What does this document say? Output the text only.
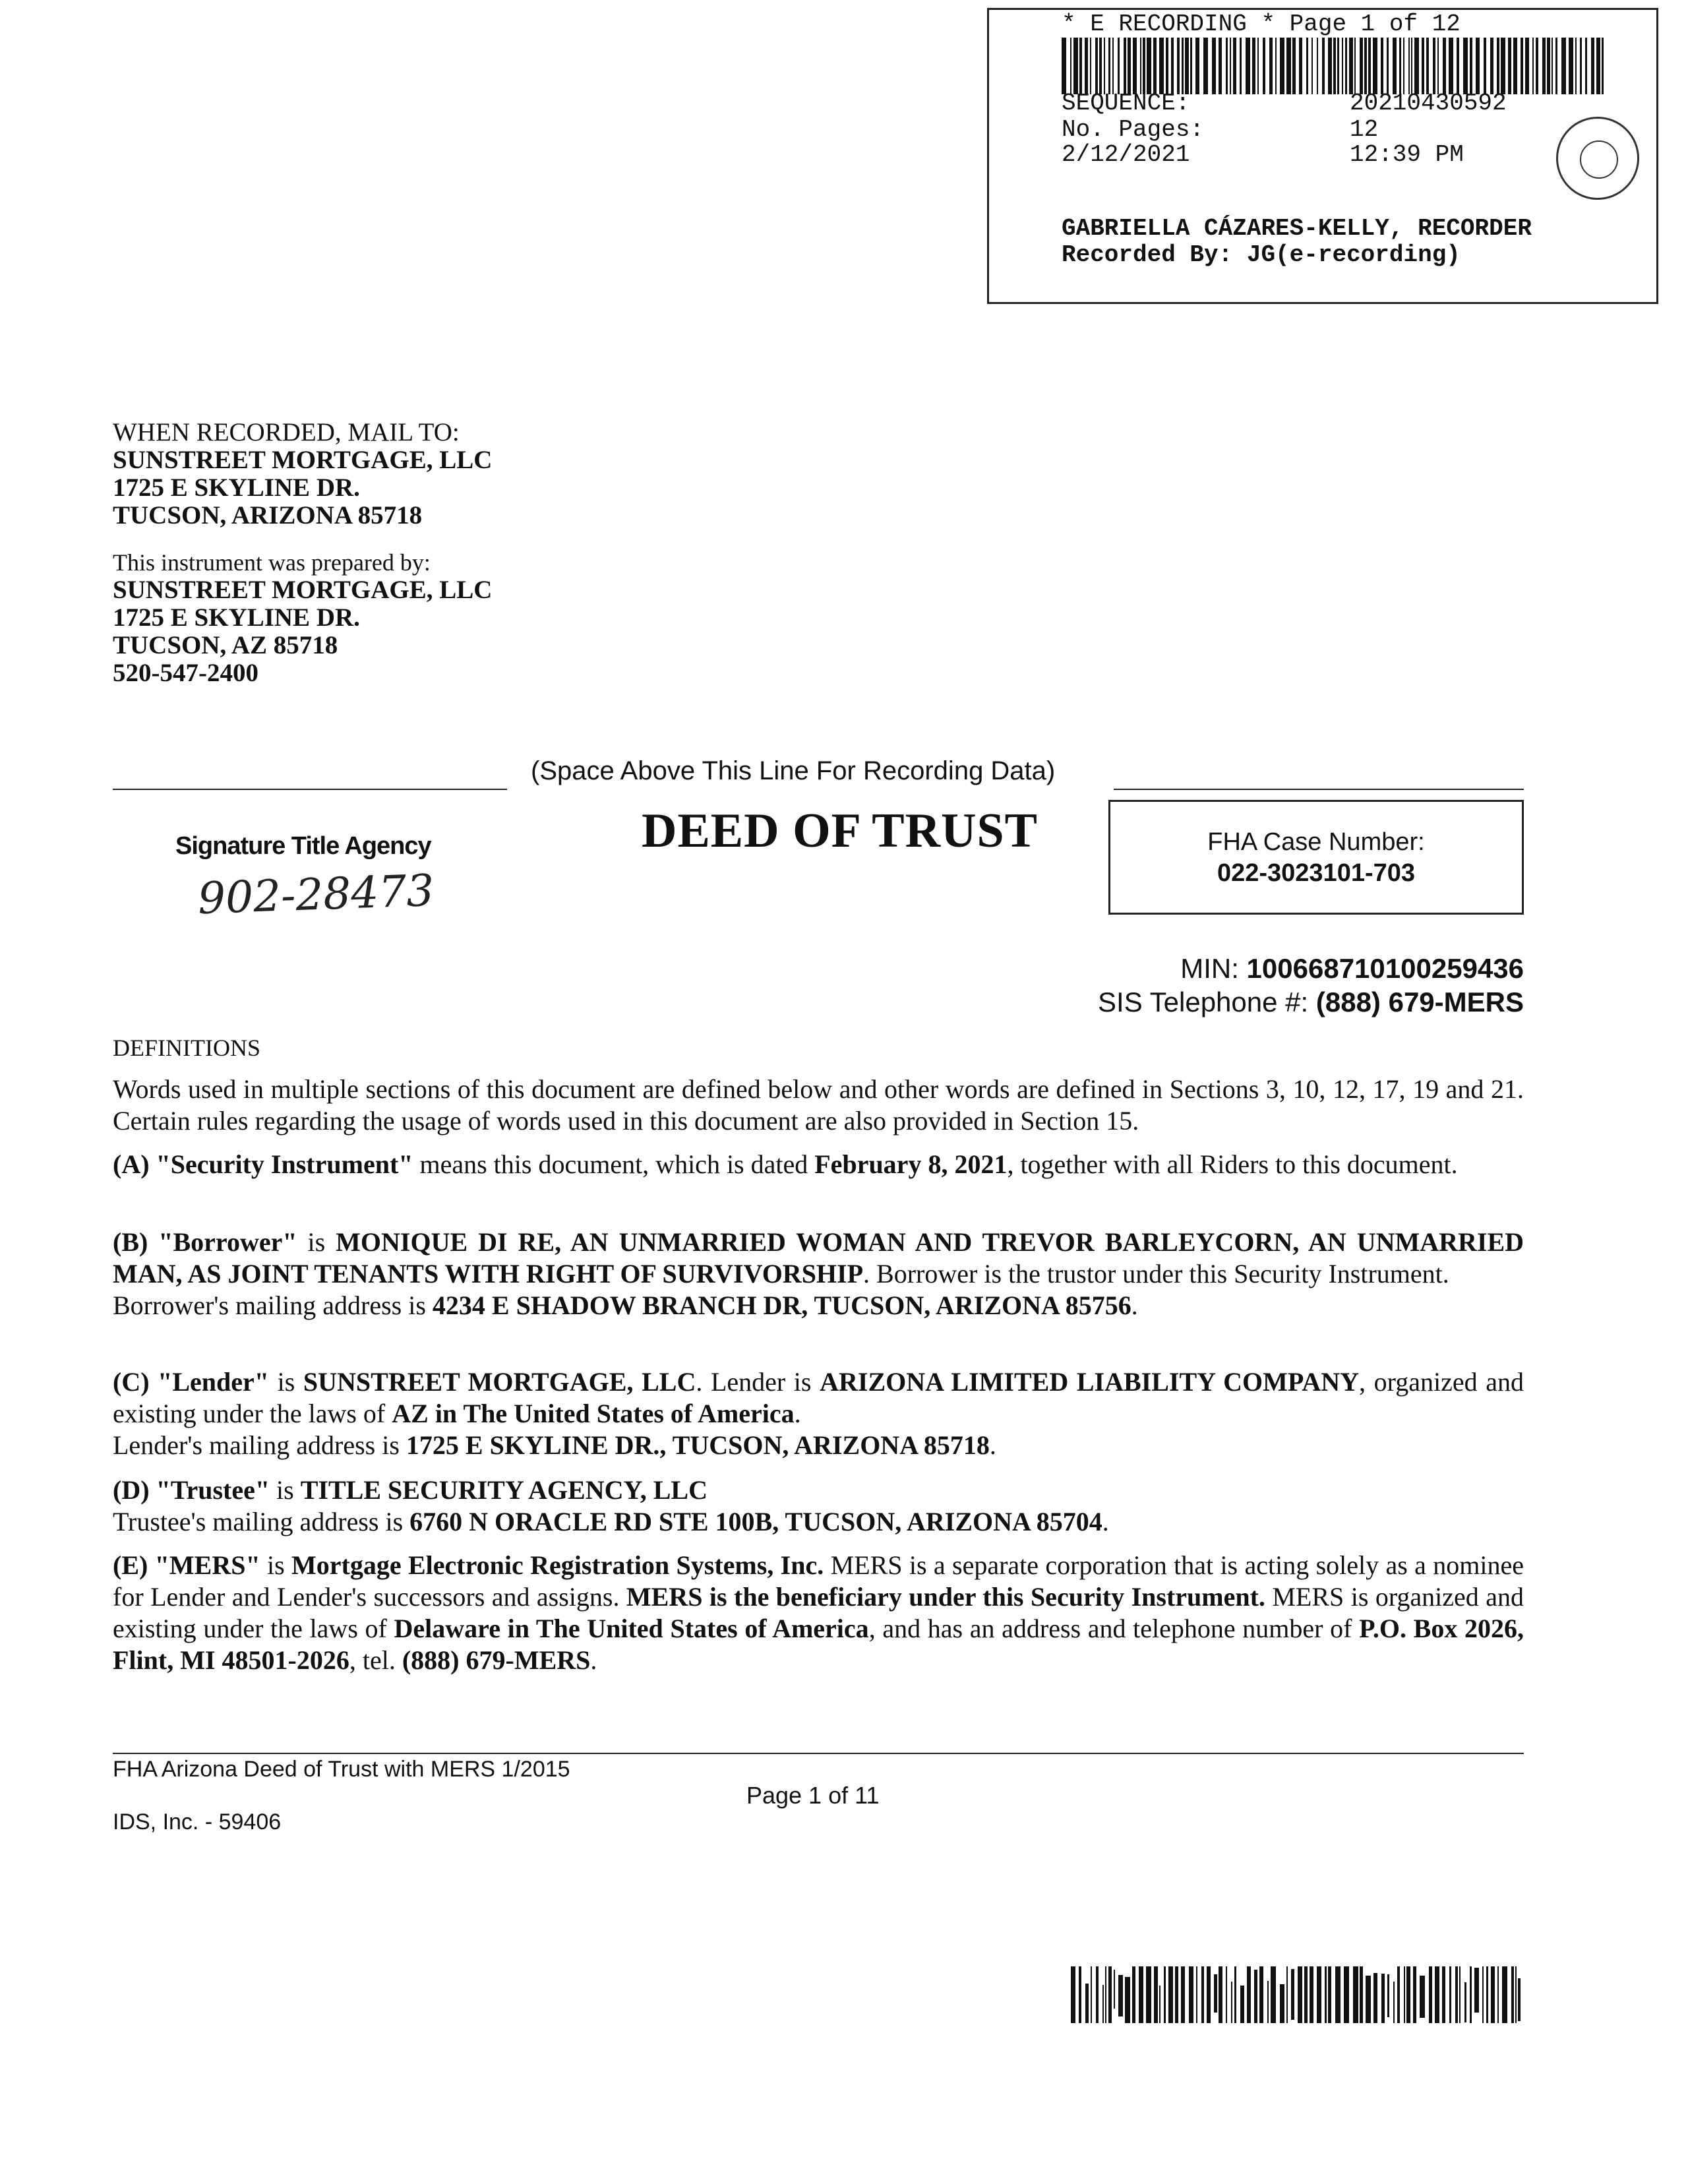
* E RECORDING * Page 1 of 12
SEQUENCE:	20210430592
No. Pages:	12
2/12/2021	12:39 PM
GABRIELLA CÁZARES-KELLY, RECORDER
Recorded By: JG(e-recording)
WHEN RECORDED, MAIL TO:
SUNSTREET MORTGAGE, LLC
1725 E SKYLINE DR.
TUCSON, ARIZONA 85718
This instrument was prepared by:
SUNSTREET MORTGAGE, LLC
1725 E SKYLINE DR.
TUCSON, AZ 85718
520-547-2400
(Space Above This Line For Recording Data)
Signature Title Agency
902-28473
DEED OF TRUST	FHA Case Number:
022-3023101-703
MIN: 100668710100259436
SIS Telephone #: (888) 679-MERS
DEFINITIONS
Words used in multiple sections of this document are defined below and other words are defined in Sections 3, 10, 12, 17, 19 and 21. Certain rules regarding the usage of words used in this document are also provided in Section 15.
(A) "Security Instrument" means this document, which is dated February 8, 2021, together with all Riders to this document.
(B) "Borrower" is MONIQUE DI RE, AN UNMARRIED WOMAN AND TREVOR BARLEYCORN, AN UNMARRIED MAN, AS JOINT TENANTS WITH RIGHT OF SURVIVORSHIP. Borrower is the trustor under this Security Instrument.
Borrower's mailing address is 4234 E SHADOW BRANCH DR, TUCSON, ARIZONA 85756.
(C) "Lender" is SUNSTREET MORTGAGE, LLC. Lender is ARIZONA LIMITED LIABILITY COMPANY, organized and existing under the laws of AZ in The United States of America.
Lender's mailing address is 1725 E SKYLINE DR., TUCSON, ARIZONA 85718.
(D) "Trustee" is TITLE SECURITY AGENCY, LLC
Trustee's mailing address is 6760 N ORACLE RD STE 100B, TUCSON, ARIZONA 85704.
(E) "MERS" is Mortgage Electronic Registration Systems, Inc. MERS is a separate corporation that is acting solely as a nominee for Lender and Lender's successors and assigns. MERS is the beneficiary under this Security Instrument. MERS is organized and existing under the laws of Delaware in The United States of America, and has an address and telephone number of P.O. Box 2026, Flint, MI 48501-2026, tel. (888) 679-MERS.
FHA Arizona Deed of Trust with MERS 1/2015
Page 1 of 11
IDS, Inc. - 59406
